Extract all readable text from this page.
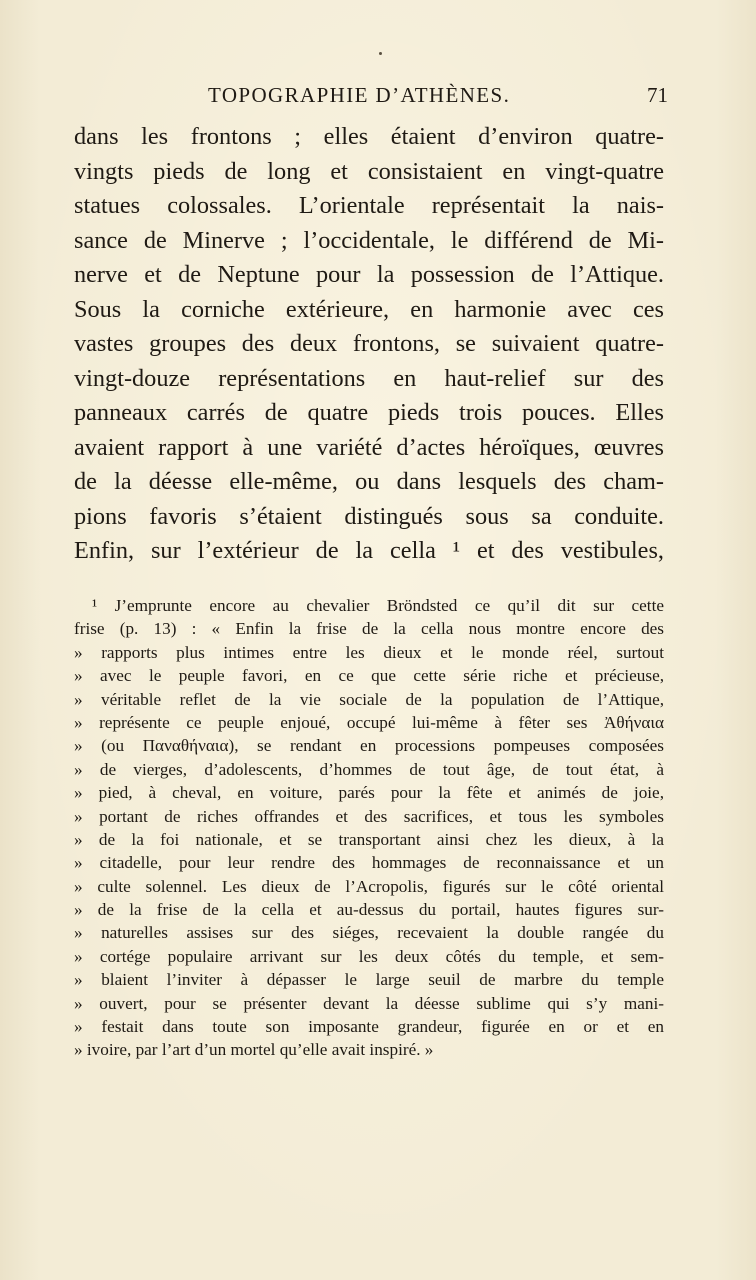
TOPOGRAPHIE D’ATHÈNES.	71
dans les frontons ; elles étaient d’environ quatre-
vingts pieds de long et consistaient en vingt-quatre
statues colossales. L’orientale représentait la nais-
sance de Minerve ; l’occidentale, le différend de Mi-
nerve et de Neptune pour la possession de l’Attique.
Sous la corniche extérieure, en harmonie avec ces
vastes groupes des deux frontons, se suivaient quatre-
vingt-douze représentations en haut-relief sur des
panneaux carrés de quatre pieds trois pouces. Elles
avaient rapport à une variété d’actes héroïques, œuvres
de la déesse elle-même, ou dans lesquels des cham-
pions favoris s’étaient distingués sous sa conduite.
Enfin, sur l’extérieur de la cella ¹ et des vestibules,
¹ J’emprunte encore au chevalier Bröndsted ce qu’il dit sur cette
frise (p. 13) : « Enfin la frise de la cella nous montre encore des
» rapports plus intimes entre les dieux et le monde réel, surtout
» avec le peuple favori, en ce que cette série riche et précieuse,
» véritable reflet de la vie sociale de la population de l’Attique,
» représente ce peuple enjoué, occupé lui-même à fêter ses Ἀθήναια
» (ou Παναθήναια), se rendant en processions pompeuses composées
» de vierges, d’adolescents, d’hommes de tout âge, de tout état, à
» pied, à cheval, en voiture, parés pour la fête et animés de joie,
» portant de riches offrandes et des sacrifices, et tous les symboles
» de la foi nationale, et se transportant ainsi chez les dieux, à la
» citadelle, pour leur rendre des hommages de reconnaissance et un
» culte solennel. Les dieux de l’Acropolis, figurés sur le côté oriental
» de la frise de la cella et au-dessus du portail, hautes figures sur-
» naturelles assises sur des siéges, recevaient la double rangée du
» cortége populaire arrivant sur les deux côtés du temple, et sem-
» blaient l’inviter à dépasser le large seuil de marbre du temple
» ouvert, pour se présenter devant la déesse sublime qui s’y mani-
» festait dans toute son imposante grandeur, figurée en or et en
» ivoire, par l’art d’un mortel qu’elle avait inspiré. »
